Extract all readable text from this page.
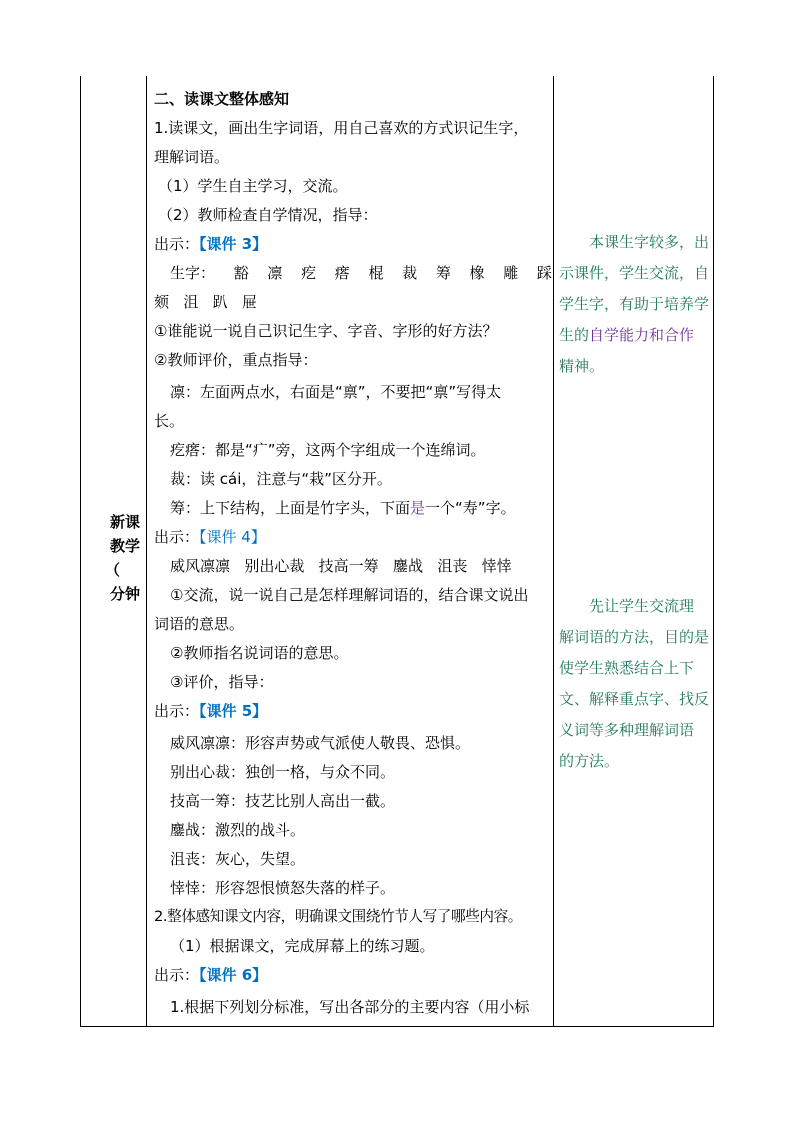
新课
教学
（
分钟
二、读课文整体感知
1.读课文，画出生字词语，用自己喜欢的方式识记生字，
理解词语。
（1）学生自主学习，交流。
（2）教师检查自学情况，指导：
出示：【课件 3】
生字： 豁 凛 疙 瘩 棍 裁 筹 橡 雕 踩
颏 沮 趴 屉
①谁能说一说自己识记生字、字音、字形的好方法？
②教师评价，重点指导：
凛：左面两点水，右面是“禀”，不要把“禀”写得太
长。
疙瘩：都是“疒”旁，这两个字组成一个连绵词。
裁：读 cái，注意与“栽”区分开。
筹：上下结构，上面是竹字头，下面是一个“寿”字。
出示：【课件 4】
威风凛凛 别出心裁 技高一筹 鏖战 沮丧 悻悻
①交流，说一说自己是怎样理解词语的，结合课文说出
词语的意思。
②教师指名说词语的意思。
③评价，指导：
出示：【课件 5】
威风凛凛：形容声势或气派使人敬畏、恐惧。
别出心裁：独创一格，与众不同。
技高一筹：技艺比别人高出一截。
鏖战：激烈的战斗。
沮丧：灰心，失望。
悻悻：形容怨恨愤怒失落的样子。
2.整体感知课文内容，明确课文围绕竹节人写了哪些内容。
（1）根据课文，完成屏幕上的练习题。
出示：【课件 6】
1.根据下列划分标准，写出各部分的主要内容（用小标
本课生字较多，出
示课件，学生交流，自
学生字，有助于培养学
生的自学能力和合作
精神。
先让学生交流理
解词语的方法，目的是
使学生熟悉结合上下
文、解释重点字、找反
义词等多种理解词语
的方法。
